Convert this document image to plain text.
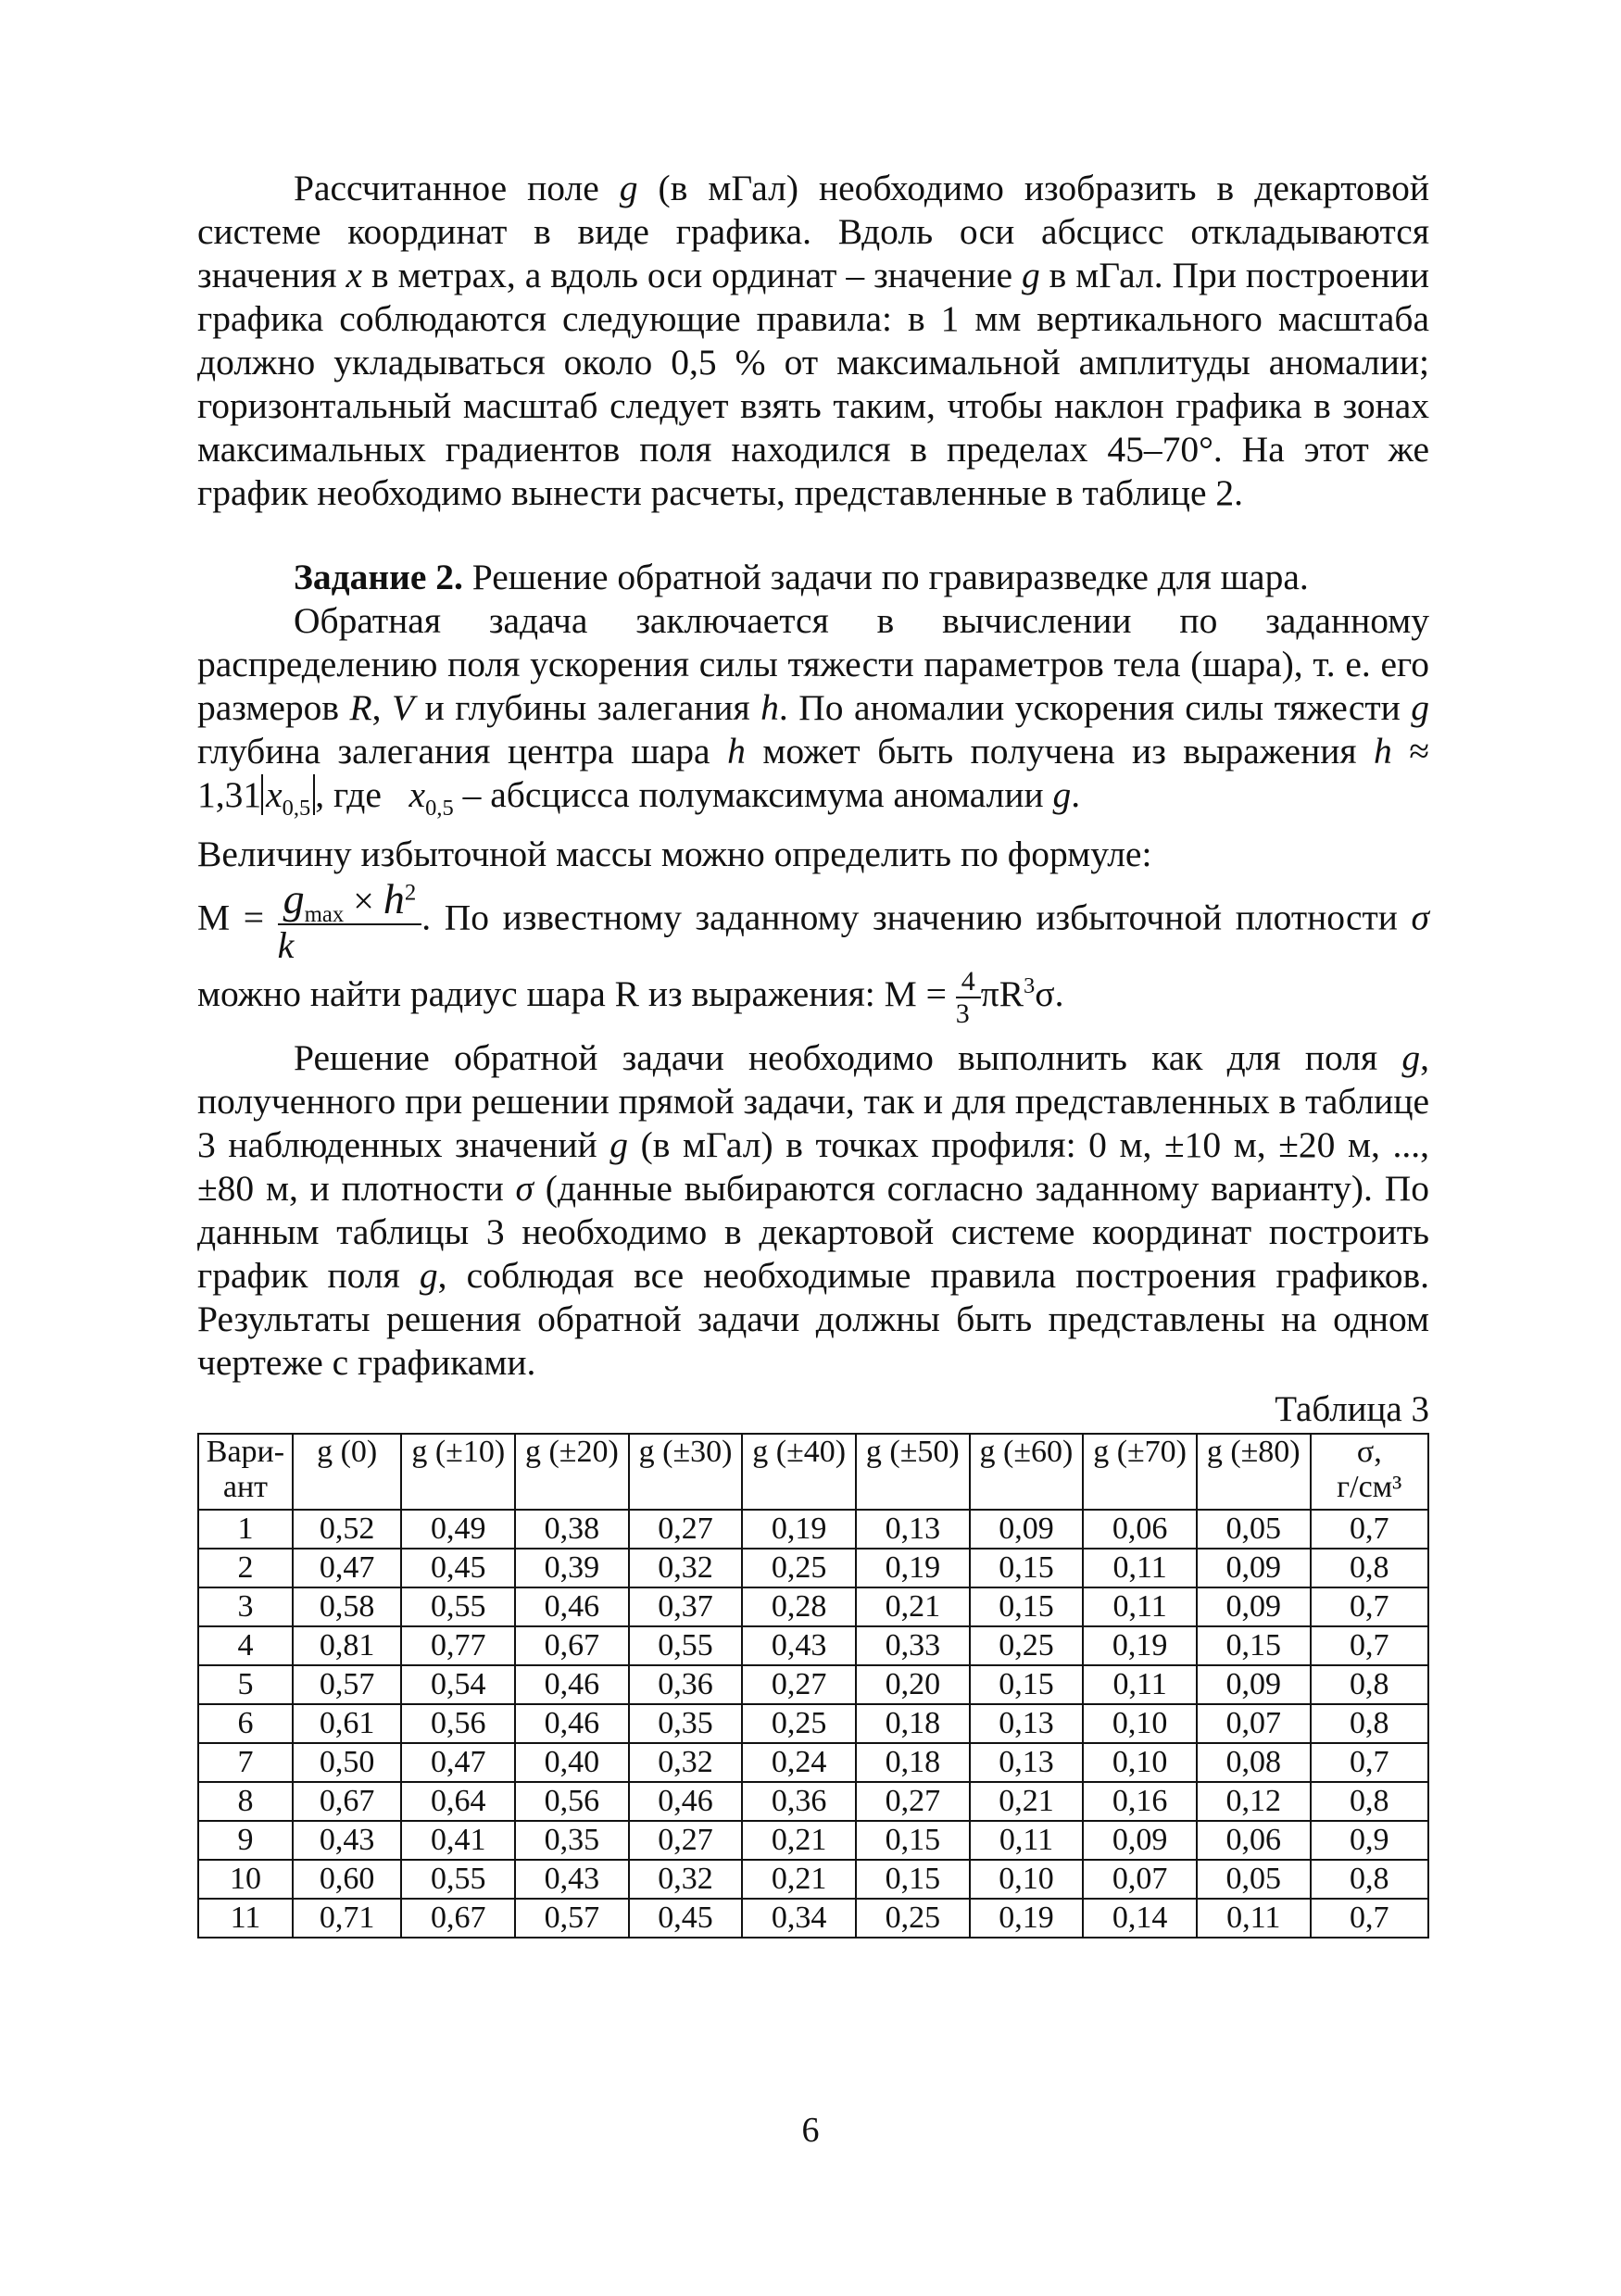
Рассчитанное поле g (в мГал) необходимо изобразить в декартовой системе координат в виде графика. Вдоль оси абсцисс откладываются значения x в метрах, а вдоль оси ординат – значение g в мГал. При построении графика соблюдаются следующие правила: в 1 мм вертикального масштаба должно укладываться около 0,5 % от максимальной амплитуды аномалии; горизонтальный масштаб следует взять таким, чтобы наклон графика в зонах максимальных градиентов поля находился в пределах 45–70°. На этот же график необходимо вынести расчеты, представленные в таблице 2.

Задание 2. Решение обратной задачи по гравиразведке для шара.

Обратная задача заключается в вычислении по заданному распределению поля ускорения силы тяжести параметров тела (шара), т. е. его размеров R, V и глубины залегания h. По аномалии ускорения силы тяжести g глубина залегания центра шара h может быть получена из выражения h ≈ 1,31 $x_{0,5}$ , где   $x_{0,5}$ – абсцисса полумаксимума аномалии g.

Величину избыточной массы можно определить по формуле:
$M = \frac{g_{max} \times h^2}{k}$ . По известному заданному значению избыточной плотности σ можно найти радиус шара R из выражения: $M = \frac{4}{3} \pi R^3\sigma$.

Решение обратной задачи необходимо выполнить как для поля g, полученного при решении прямой задачи, так и для представленных в таблице 3 наблюденных значений g (в мГал) в точках профиля: 0 м, ±10 м, ±20 м, ..., ±80 м, и плотности σ (данные выбираются согласно заданному варианту). По данным таблицы 3 необходимо в декартовой системе координат построить график поля g, соблюдая все необходимые правила построения графиков. Результаты решения обратной задачи должны быть представлены на одном чертеже с графиками.

Таблица 3
Вари-
ант	g (0)	g (±10)	g (±20)	g (±30)	g (±40)	g (±50)	g (±60)	g (±70)	g (±80)	σ,
г/см³
1	0,52	0,49	0,38	0,27	0,19	0,13	0,09	0,06	0,05	0,7
2	0,47	0,45	0,39	0,32	0,25	0,19	0,15	0,11	0,09	0,8
3	0,58	0,55	0,46	0,37	0,28	0,21	0,15	0,11	0,09	0,7
4	0,81	0,77	0,67	0,55	0,43	0,33	0,25	0,19	0,15	0,7
5	0,57	0,54	0,46	0,36	0,27	0,20	0,15	0,11	0,09	0,8
6	0,61	0,56	0,46	0,35	0,25	0,18	0,13	0,10	0,07	0,8
7	0,50	0,47	0,40	0,32	0,24	0,18	0,13	0,10	0,08	0,7
8	0,67	0,64	0,56	0,46	0,36	0,27	0,21	0,16	0,12	0,8
9	0,43	0,41	0,35	0,27	0,21	0,15	0,11	0,09	0,06	0,9
10	0,60	0,55	0,43	0,32	0,21	0,15	0,10	0,07	0,05	0,8
11	0,71	0,67	0,57	0,45	0,34	0,25	0,19	0,14	0,11	0,7
6
